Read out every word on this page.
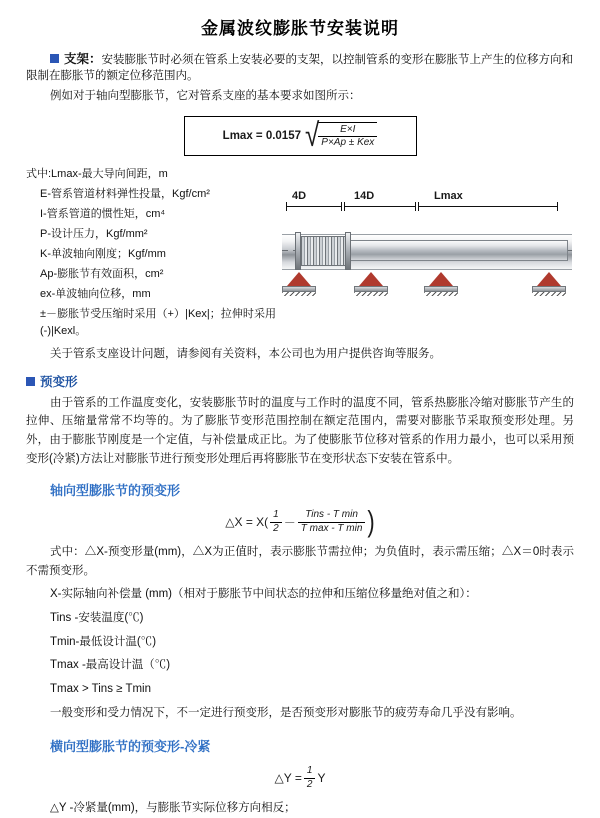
金属波纹膨胀节安装说明
支架：安装膨胀节时必须在管系上安装必要的支架，以控制管系的变形在膨胀节上产生的位移方向和限制在膨胀节的额定位移范围内。

例如对于轴向型膨胀节，它对管系支座的基本要求如图所示：

Lmax = 0.0157 √ $\frac{E\times I}{\text{P×Ap ± Kex}}$

式中:Lmax-最大导向间距，m

E-管系管道材料弹性投量，Kgf/cm²

I-管系管道的惯性矩，cm⁴

P-设计压力，Kgf/mm²

K-单波轴向刚度；Kgf/mm

Ap-膨胀节有效面积，cm²

ex-单波轴向位移，mm

±－膨胀节受压缩时采用（+）|Kex|；拉伸时采用(-)|Kexl。

4D	14D	Lmax

关于管系支座设计问题，请参阅有关资料，本公司也为用户提供咨询等服务。

预变形

由于管系的工作温度变化，安装膨胀节时的温度与工作时的温度不同，管系热膨胀冷缩对膨胀节产生的拉伸、压缩量常常不均等的。为了膨胀节变形范围控制在额定范围内，需要对膨胀节采取预变形处理。另外，由于膨胀节刚度是一个定值，与补偿量成正比。为了使膨胀节位移对管系的作用力最小，也可以采用预变形(冷紧)方法让对膨胀节进行预变形处理后再将膨胀节在变形状态下安装在管系中。

轴向型膨胀节的预变形
△X = $X( \frac{1}{2} - \frac{\text{Tins - T min}}{\text{T max - T min}}$ )

式中：△X-预变形量(mm)，△X为正值时，表示膨胀节需拉伸；为负值时，表示需压缩；△X＝0时表示不需预变形。

X-实际轴向补偿量 (mm)（相对于膨胀节中间状态的拉伸和压缩位移量绝对值之和）：

Tins -安装温度(℃)

Tmin-最低设计温(℃)

Tmax -最高设计温（℃)

Tmax > Tins ≥ Tmin

一般变形和受力情况下，不一定进行预变形，是否预变形对膨胀节的疲劳寿命几乎没有影响。

横向型膨胀节的预变形-冷紧
△Y = $\frac{1}{2}$ Y

△Y -冷紧量(mm)，与膨胀节实际位移方向相反；
